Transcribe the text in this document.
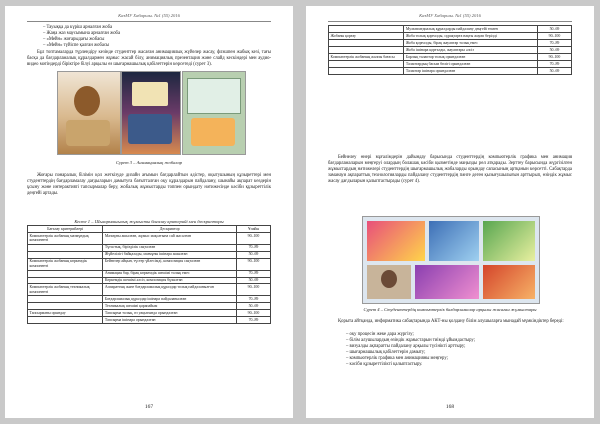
КазМУ Хабаршы. №1 (55) 2016
– Тауыққа да күріш арналған жоба
– Жаңа жаз маусымына арналған жоба
– «Мейн» жоғарыдағы жобасы
– «Мейн» түйіспе қалған жобасы
Бұл топтамаларда түрлендіру кезінде студенттер жасаған анимациялық жүйелер жасау, флэшпен жабық кезі, тағы басқа да бағдарламалық құралдармен жұмыс жасай білу, анимациялық презентация және слайд кескіндері мен аудио-видео мәтіндерді біріктіре білуі арқылы өз шығармашылық қабілеттерін көрсетеді (сурет 3).
Сурет 3 – Анимациялық жобалар
Жоғары пәнаралық білімін қол жеткізуде дизайн ағымын бағдарлайтын әдістер, оқытушының құзыреттері мен студенттердің бағдарламалау дағдыларын дамытуға бағытталған оқу құралдарын пайдалану, шынайы ақпарат көздерін ұсыну және интерактивті тапсырмалар беру, жобалық жұмыстарды топпен орындату нәтижесінде кәсіби құзыреттілік деңгейі артады.
Кесте 1 – Шығармашылық жұмысты бағалау критерийі мен дескрипторы
Бағалау критерийлері	Дескриптор	Ұпайы
Компьютерлік жобаның мазмұндық компоненті	Мазмұны ашылған, жұмыс мақсатына сай жасалған	90–100
	Тұтастық, бірізділік сақталған	70–89
	Жүйелілігі байқалады, мазмұны ішінара ашылған	50–69
Компьютерлік жобаның көркемдік компоненті	Бейнелер айқын, түстер үйлесімді, композиция сақталған	90–100
	Анимация бар, бірақ көркемдік шешімі толық емес	70–89
	Көркемдік шешімі әлсіз, композиция бұзылған	50–69
Компьютерлік жобаның техникалық компоненті	Аппараттық және бағдарламалық құралдар толық пайдаланылған	90–100
	Бағдарламалық құралдар ішінара пайдаланылған	70–89
	Техникалық шешімі қарапайым	50–69
Тапсырманы орындау	Тапсырма толық, өз уақытында орындалған	90–100
	Тапсырма ішінара орындалған	70–89
167
КазМУ Хабаршы. №1 (55) 2016
	Мультимедиалық құралдарды пайдалану деңгейі төмен	50–69
Жобаны қорғау	Жоба толық қорғалды, сұрақтарға нақты жауап берілді	90–100
	Жоба қорғалды, бірақ жауаптар толық емес	70–89
	Жоба ішінара қорғалды, жауаптары әлсіз	50–69
Компьютерлік жобаның жалпы бағасы	Барлық талаптар толық орындалған	90–100
	Талаптардың басым бөлігі орындалған	70–89
	Талаптар ішінара орындалған	50–69
Бейнелеу өнері мұғалімдерін дайындау барысында студенттердің компьютерлік графика мен анимация бағдарламаларын меңгеруі олардың болашақ кәсіби қызметінде маңызды рөл атқарады. Зерттеу барысында жүргізілген жұмыстардың нәтижелері студенттердің шығармашылық жобаларды орындау сапасының артқанын көрсетті. Сабақтарда заманауи ақпараттық технологияларды пайдалану студенттердің пәнге деген қызығушылығын арттырып, өзіндік жұмыс жасау дағдыларын қалыптастырады (сурет 4).
Сурет 4 – Студенттердің компьютерлік бағдарламалар арқылы жасаған жұмыстары
Қорыта айтқанда, информатика сабақтарында АКТ-ны қолдану білім алушыларға мынадай мүмкіндіктер береді:
– оқу процесін жеке дара жүргізу;
– білім алушылардың өзіндік жұмыстарын тиімді ұйымдастыру;
– визуалды ақпаратты пайдалану арқылы түсінікті арттыру;
– шығармашылық қабілеттерін дамыту;
– компьютерлік графика мен анимацияны меңгеру;
– кәсіби құзыреттілікті қалыптастыру.
168
